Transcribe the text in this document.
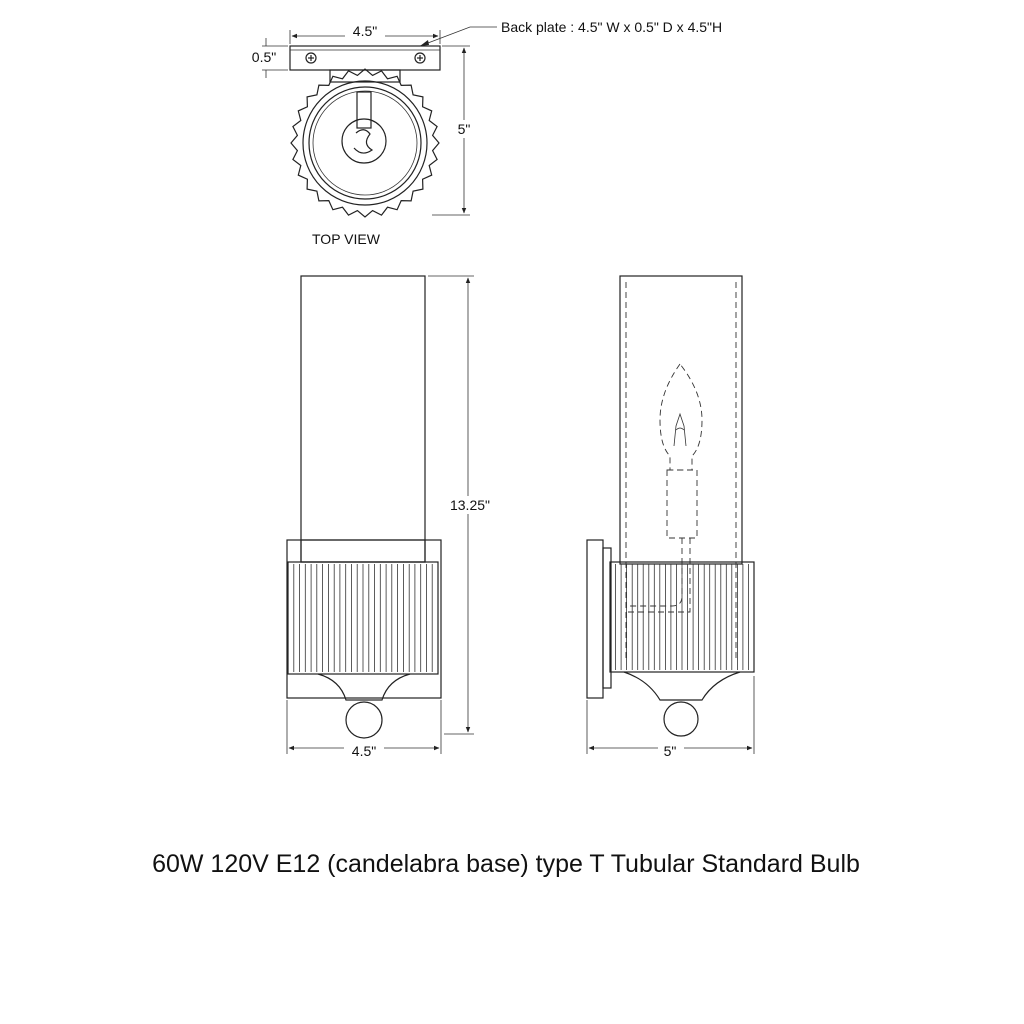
4.5"
0.5"
5"
Back plate : 4.5" W x 0.5" D x 4.5"H
TOP VIEW
13.25"
4.5"	5"
60W 120V E12 (candelabra base) type T Tubular Standard Bulb
